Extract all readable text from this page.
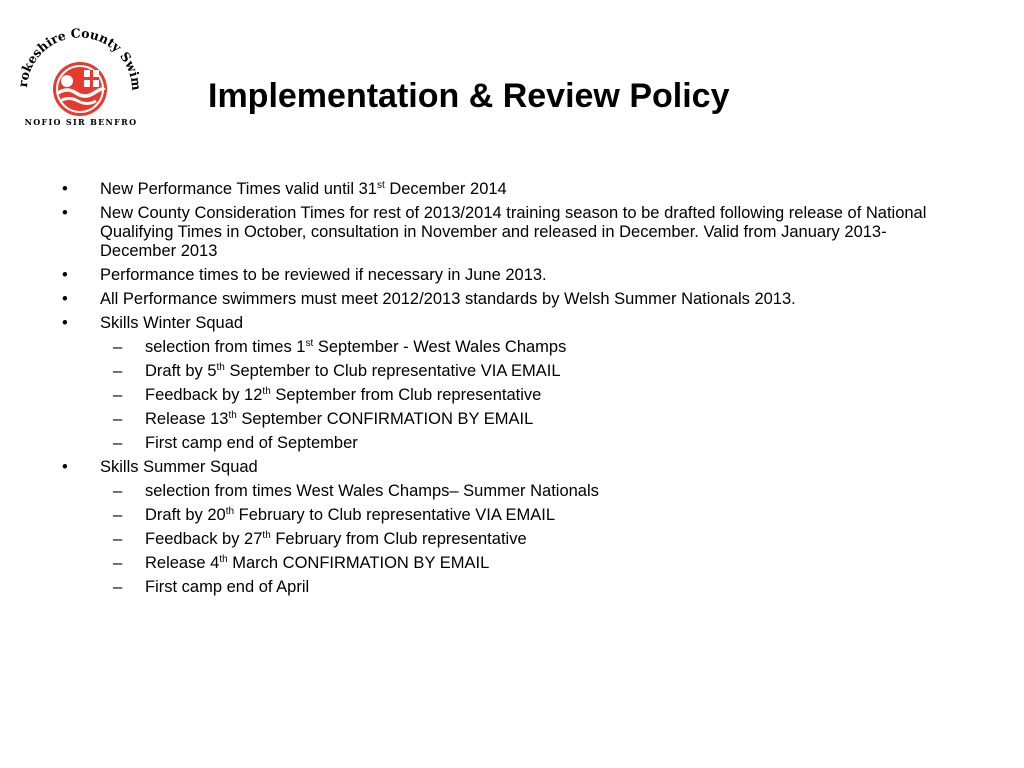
keshire County Swim
NOFIO SIR BENFRO
Implementation & Review Policy
• New Performance Times valid until 31st December 2014
• New County Consideration Times for rest of 2013/2014 training season to be drafted following release of National Qualifying Times in October, consultation in November and released in December. Valid from January 2013- December 2013
• Performance times to be reviewed if necessary in June 2013.
• All Performance swimmers must meet 2012/2013 standards by Welsh Summer Nationals 2013.
• Skills Winter Squad
– selection from times 1st September - West Wales Champs
– Draft by 5th September to Club representative VIA EMAIL
– Feedback by 12th September from Club representative
– Release 13th September CONFIRMATION BY EMAIL
– First camp end of September
• Skills Summer Squad
– selection from times West Wales Champs– Summer Nationals
– Draft by 20th February to Club representative VIA EMAIL
– Feedback by 27th February from Club representative
– Release 4th March CONFIRMATION BY EMAIL
– First camp end of April
